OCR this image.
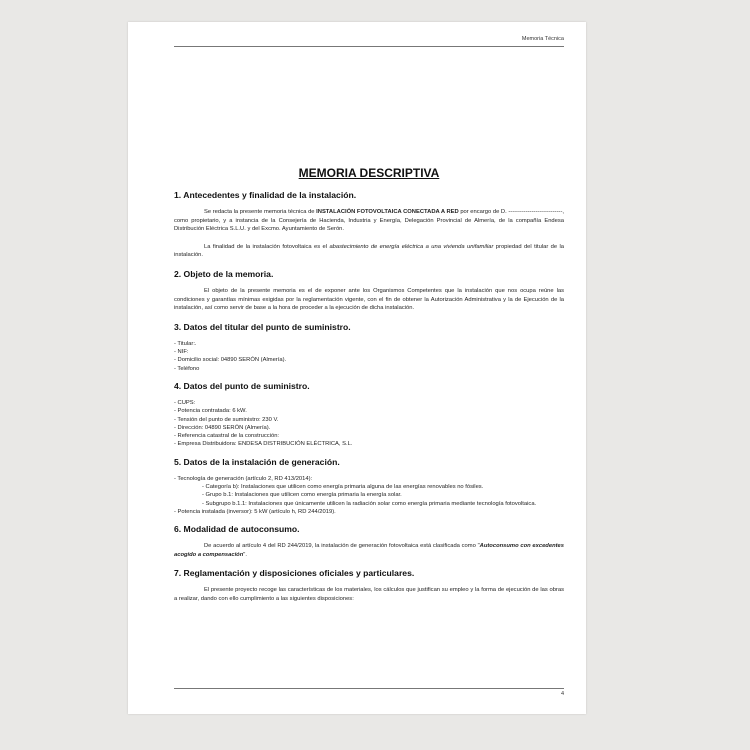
Memoria Técnica
MEMORIA DESCRIPTIVA
1. Antecedentes y finalidad de la instalación.

Se redacta la presente memoria técnica de INSTALACIÓN FOTOVOLTAICA CONECTADA A RED por encargo de D. ----------------------------, como propietario, y a instancia de la Consejería de Hacienda, Industria y Energía, Delegación Provincial de Almería, de la compañía Endesa Distribución Eléctrica S.L.U. y del Excmo. Ayuntamiento de Serón.

La finalidad de la instalación fotovoltaica es el abastecimiento de energía eléctrica a una vivienda unifamiliar propiedad del titular de la instalación.

2. Objeto de la memoria.

El objeto de la presente memoria es el de exponer ante los Organismos Competentes que la instalación que nos ocupa reúne las condiciones y garantías mínimas exigidas por la reglamentación vigente, con el fin de obtener la Autorización Administrativa y la de Ejecución de la instalación, así como servir de base a la hora de proceder a la ejecución de dicha instalación.

3. Datos del titular del punto de suministro.
- Titular:.
- NIF:
- Domicilio social: 04890 SERÓN (Almería).
- Teléfono
4. Datos del punto de suministro.
- CUPS:
- Potencia contratada: 6 kW.
- Tensión del punto de suministro: 230 V.
- Dirección: 04890 SERÓN (Almería).
- Referencia catastral de la construcción:
- Empresa Distribuidora: ENDESA DISTRIBUCIÓN ELÉCTRICA, S.L.
5. Datos de la instalación de generación.
- Tecnología de generación (artículo 2, RD 413/2014):
- Categoría b): Instalaciones que utilicen como energía primaria alguna de las energías renovables no fósiles.
- Grupo b.1: Instalaciones que utilicen como energía primaria la energía solar.
- Subgrupo b.1.1: Instalaciones que únicamente utilicen la radiación solar como energía primaria mediante tecnología fotovoltaica.
- Potencia instalada (inversor): 5 kW (artículo h, RD 244/2019).
6. Modalidad de autoconsumo.

De acuerdo al artículo 4 del RD 244/2019, la instalación de generación fotovoltaica está clasificada como "Autoconsumo con excedentes acogido a compensación".

7. Reglamentación y disposiciones oficiales y particulares.

El presente proyecto recoge las características de los materiales, los cálculos que justifican su empleo y la forma de ejecución de las obras a realizar, dando con ello cumplimiento a las siguientes disposiciones:

4
